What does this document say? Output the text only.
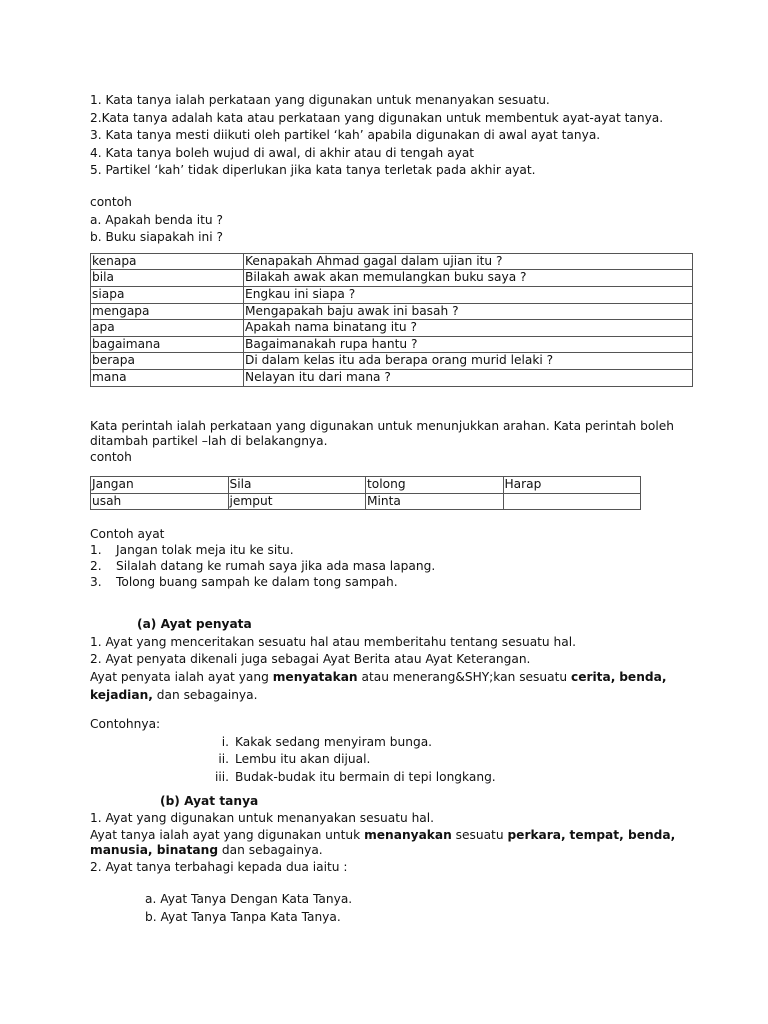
1. Kata tanya ialah perkataan yang digunakan untuk menanyakan sesuatu.
2.Kata tanya adalah kata atau perkataan yang digunakan untuk membentuk ayat-ayat tanya.
3. Kata tanya mesti diikuti oleh partikel ‘kah’ apabila digunakan di awal ayat tanya.
4. Kata tanya boleh wujud di awal, di akhir atau di tengah ayat
5. Partikel ‘kah’ tidak diperlukan jika kata tanya terletak pada akhir ayat.
contoh
a. Apakah benda itu ?
b. Buku siapakah ini ?
kenapa	Kenapakah Ahmad gagal dalam ujian itu ?
bila	Bilakah awak akan memulangkan buku saya ?
siapa	Engkau ini siapa ?
mengapa	Mengapakah baju awak ini basah ?
apa	Apakah nama binatang itu ?
bagaimana	Bagaimanakah rupa hantu ?
berapa	Di dalam kelas itu ada berapa orang murid lelaki ?
mana	Nelayan itu dari mana ?
Kata perintah ialah perkataan yang digunakan untuk menunjukkan arahan. Kata perintah boleh ditambah partikel –lah di belakangnya.
contoh
Jangan	Sila	tolong	Harap
usah	jemput	Minta	
Contoh ayat
1. Jangan tolak meja itu ke situ.
2. Silalah datang ke rumah saya jika ada masa lapang.
3. Tolong buang sampah ke dalam tong sampah.
(a) Ayat penyata
1. Ayat yang menceritakan sesuatu hal atau memberitahu tentang sesuatu hal.
2. Ayat penyata dikenali juga sebagai Ayat Berita atau Ayat Keterangan.
Ayat penyata ialah ayat yang menyatakan atau menerang&SHY;kan sesuatu cerita, benda, kejadian, dan sebagainya.
Contohnya:
i. Kakak sedang menyiram bunga.
ii. Lembu itu akan dijual.
iii. Budak-budak itu bermain di tepi longkang.
(b) Ayat tanya
1. Ayat yang digunakan untuk menanyakan sesuatu hal.
Ayat tanya ialah ayat yang digunakan untuk menanyakan sesuatu perkara, tempat, benda, manusia, binatang dan sebagainya.
2. Ayat tanya terbahagi kepada dua iaitu :
a. Ayat Tanya Dengan Kata Tanya.
b. Ayat Tanya Tanpa Kata Tanya.
